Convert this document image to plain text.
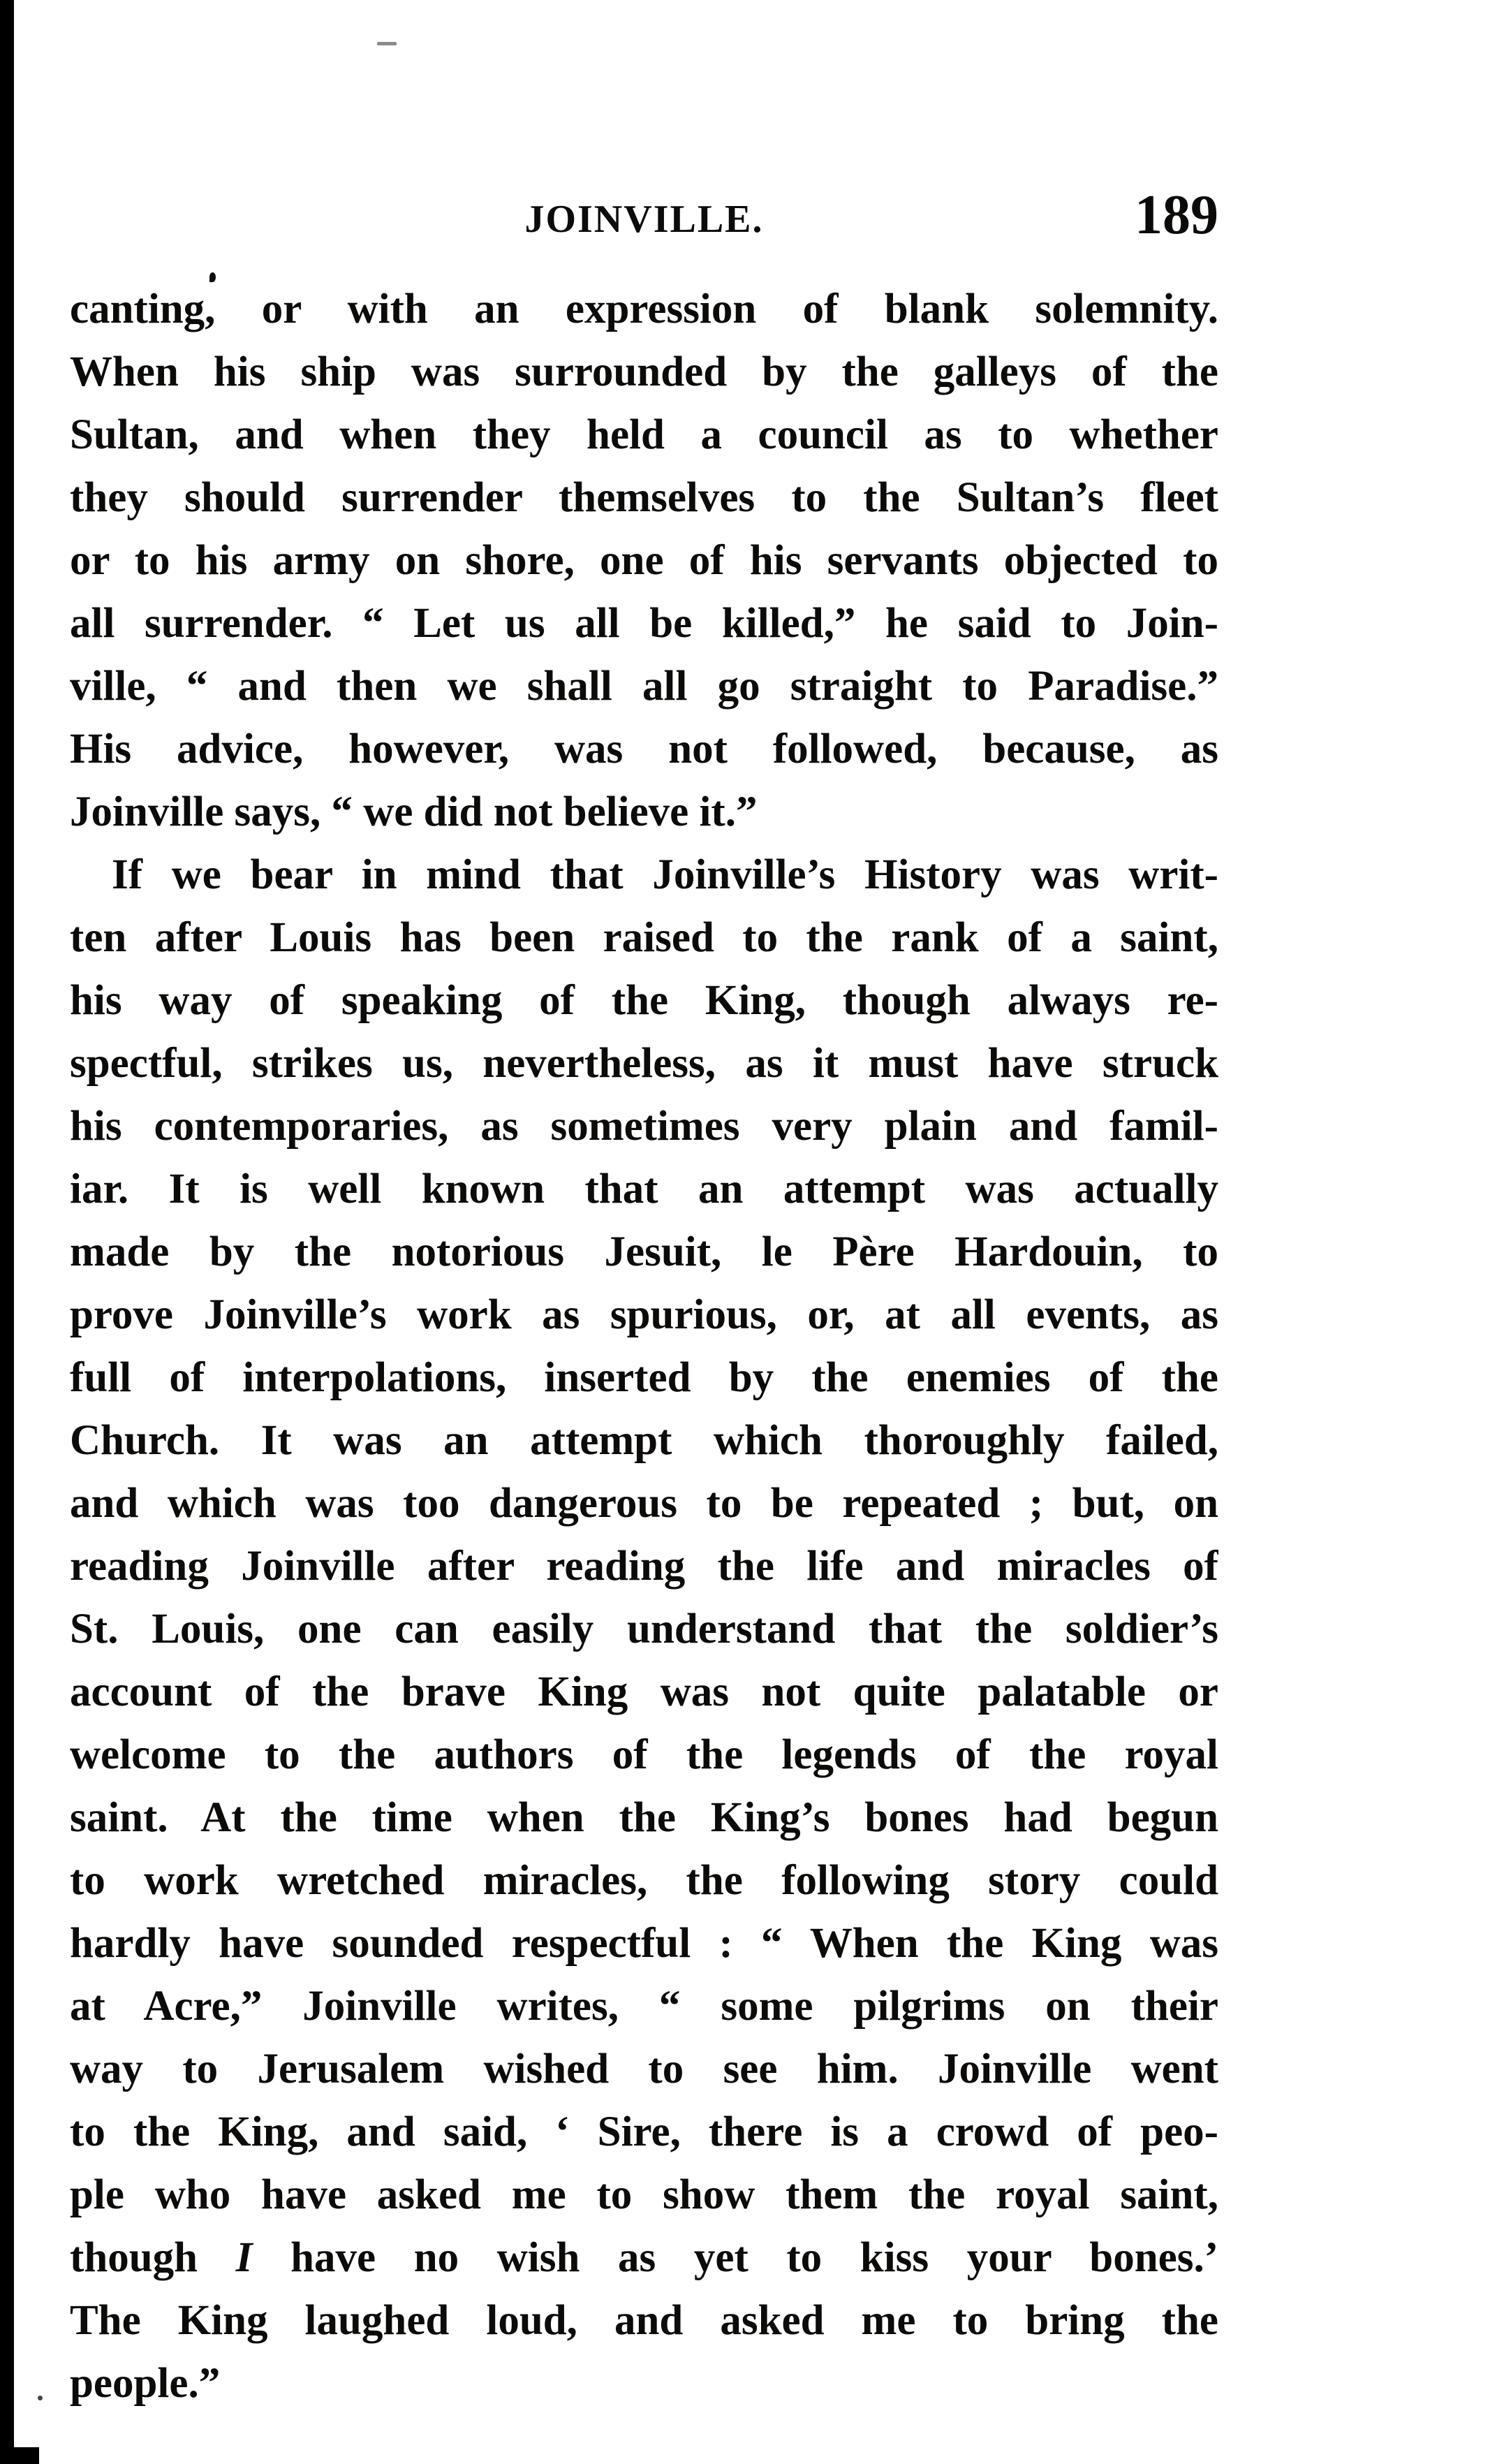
JOINVILLE.	189
canting, or with an expression of blank solemnity.
When his ship was surrounded by the galleys of the
Sultan, and when they held a council as to whether
they should surrender themselves to the Sultan’s fleet
or to his army on shore, one of his servants objected to
all surrender. “ Let us all be killed,” he said to Join-
ville, “ and then we shall all go straight to Paradise.”
His advice, however, was not followed, because, as
Joinville says, “ we did not believe it.”
If we bear in mind that Joinville’s History was writ-
ten after Louis has been raised to the rank of a saint,
his way of speaking of the King, though always re-
spectful, strikes us, nevertheless, as it must have struck
his contemporaries, as sometimes very plain and famil-
iar. It is well known that an attempt was actually
made by the notorious Jesuit, le Père Hardouin, to
prove Joinville’s work as spurious, or, at all events, as
full of interpolations, inserted by the enemies of the
Church. It was an attempt which thoroughly failed,
and which was too dangerous to be repeated ; but, on
reading Joinville after reading the life and miracles of
St. Louis, one can easily understand that the soldier’s
account of the brave King was not quite palatable or
welcome to the authors of the legends of the royal
saint. At the time when the King’s bones had begun
to work wretched miracles, the following story could
hardly have sounded respectful : “ When the King was
at Acre,” Joinville writes, “ some pilgrims on their
way to Jerusalem wished to see him. Joinville went
to the King, and said, ‘ Sire, there is a crowd of peo-
ple who have asked me to show them the royal saint,
though I have no wish as yet to kiss your bones.’
The King laughed loud, and asked me to bring the
people.”
